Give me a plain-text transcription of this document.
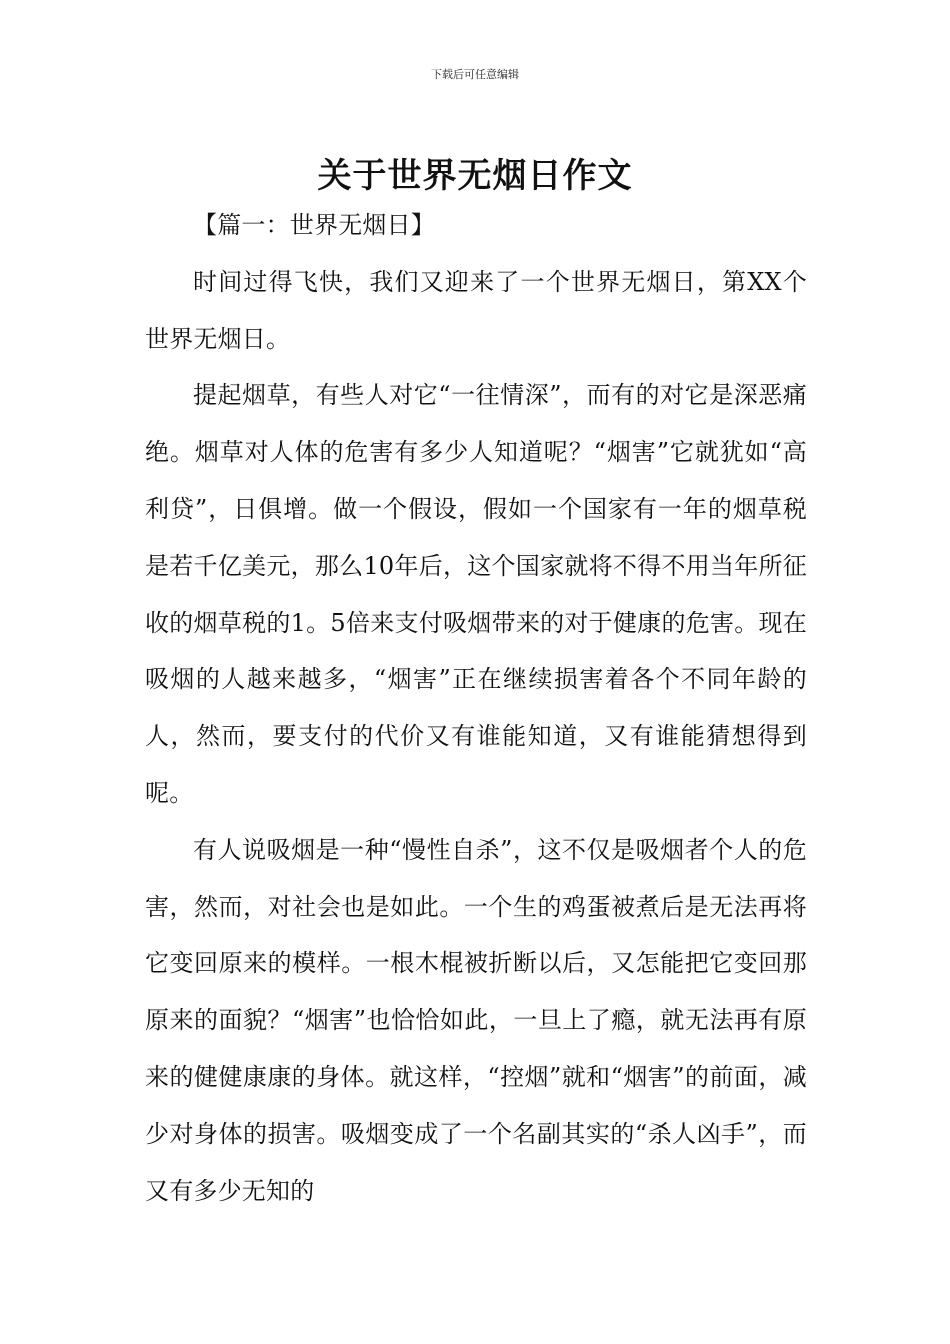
下载后可任意编辑
关于世界无烟日作文

【篇一：世界无烟日】

时间过得飞快，我们又迎来了一个世界无烟日，第XX个世界无烟日。

提起烟草，有些人对它“一往情深”，而有的对它是深恶痛绝。烟草对人体的危害有多少人知道呢？“烟害”它就犹如“高利贷”，日俱增。做一个假设，假如一个国家有一年的烟草税是若千亿美元，那么10年后，这个国家就将不得不用当年所征收的烟草税的1。5倍来支付吸烟带来的对于健康的危害。现在吸烟的人越来越多，“烟害”正在继续损害着各个不同年龄的人，然而，要支付的代价又有谁能知道，又有谁能猜想得到呢。

有人说吸烟是一种“慢性自杀”，这不仅是吸烟者个人的危害，然而，对社会也是如此。一个生的鸡蛋被煮后是无法再将它变回原来的模样。一根木棍被折断以后，又怎能把它变回那原来的面貌？“烟害”也恰恰如此，一旦上了瘾，就无法再有原来的健健康康的身体。就这样，“控烟”就和“烟害”的前面，减少对身体的损害。吸烟变成了一个名副其实的“杀人凶手”，而又有多少无知的
